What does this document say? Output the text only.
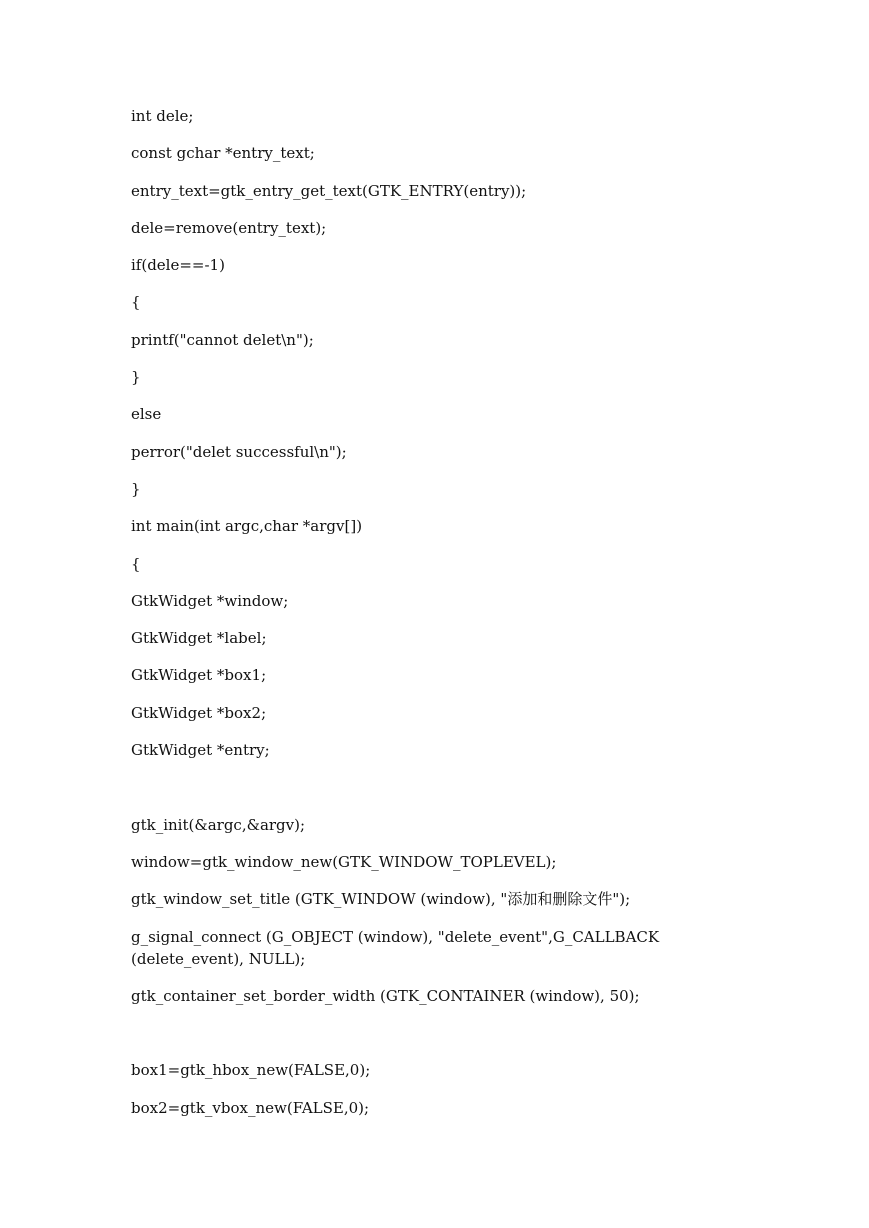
int dele;
const gchar *entry_text;
entry_text=gtk_entry_get_text(GTK_ENTRY(entry));
dele=remove(entry_text);
if(dele==-1)
{
printf("cannot delet\n");
}
else
perror("delet successful\n");
}
int main(int argc,char *argv[])
{
GtkWidget *window;
GtkWidget *label;
GtkWidget *box1;
GtkWidget *box2;
GtkWidget *entry;
gtk_init(&argc,&argv);
window=gtk_window_new(GTK_WINDOW_TOPLEVEL);
gtk_window_set_title (GTK_WINDOW (window), "添加和删除文件");
g_signal_connect (G_OBJECT (window), "delete_event",G_CALLBACK (delete_event), NULL);
gtk_container_set_border_width (GTK_CONTAINER (window), 50);
box1=gtk_hbox_new(FALSE,0);
box2=gtk_vbox_new(FALSE,0);
